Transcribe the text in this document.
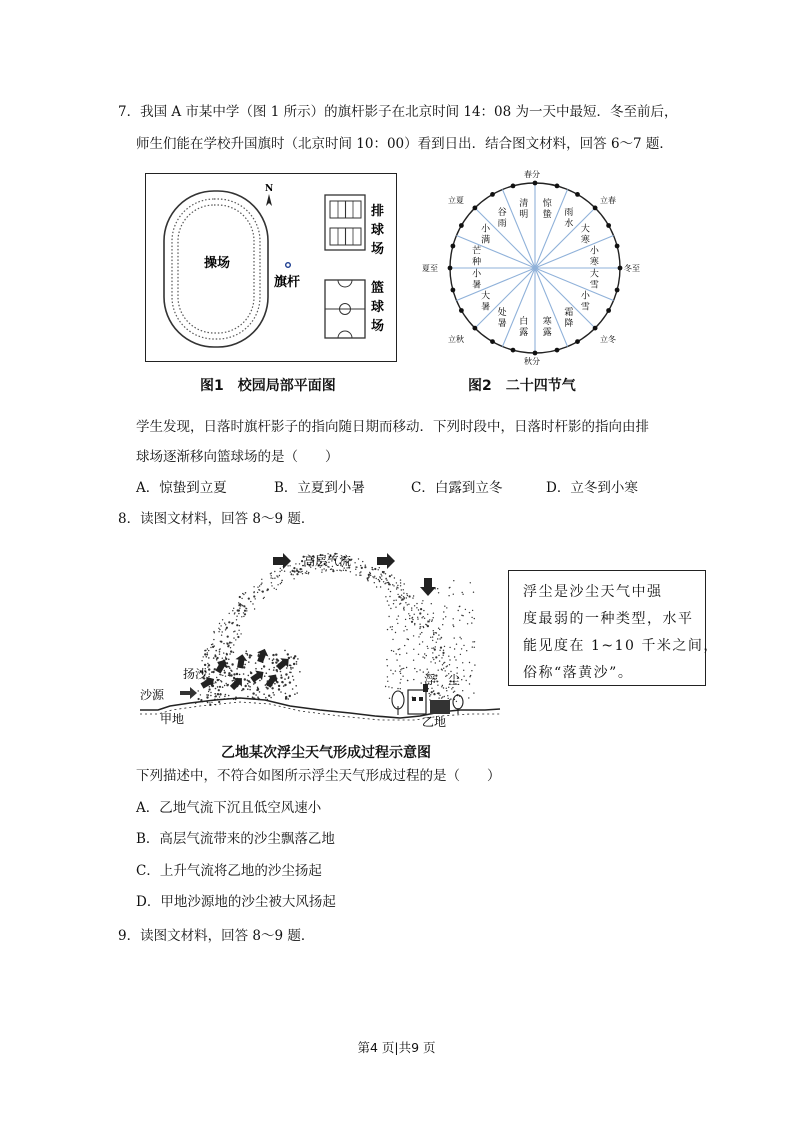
7．我国 A 市某中学（图 1 所示）的旗杆影子在北京时间 14：08 为一天中最短．冬至前后，
师生们能在学校升国旗时（北京时间 10：00）看到日出．结合图文材料，回答 6～7 题．
操场
N
旗杆
排
球
场
篮
球
场
图1　校园局部平面图
春分
秋分
夏至	冬至
立夏	立春
立秋	立冬
清
明
谷
雨
小
满
芒
种
小
暑
大
暑
处
暑 白
露
寒
露
霜
降
小
雪
大
雪
小
寒
大
寒
雨
水
惊
蛰
图2　二十四节气
学生发现，日落时旗杆影子的指向随日期而移动．下列时段中，日落时杆影的指向由排
球场逐渐移向篮球场的是（　　）
A．惊蛰到立夏	B．立夏到小暑	C．白露到立冬	D．立冬到小寒
8．读图文材料，回答 8～9 题．
高层气流
沙源
扬沙
甲地
浮　尘
乙地

浮尘是沙尘天气中强

度最弱的一种类型，水平

能见度在 1~10 千米之间，

俗称“落黄沙”。

乙地某次浮尘天气形成过程示意图
下列描述中，不符合如图所示浮尘天气形成过程的是（　　）
A．乙地气流下沉且低空风速小
B．高层气流带来的沙尘飘落乙地
C．上升气流将乙地的沙尘扬起
D．甲地沙源地的沙尘被大风扬起
9．读图文材料，回答 8～9 题．
第4 页|共9 页
